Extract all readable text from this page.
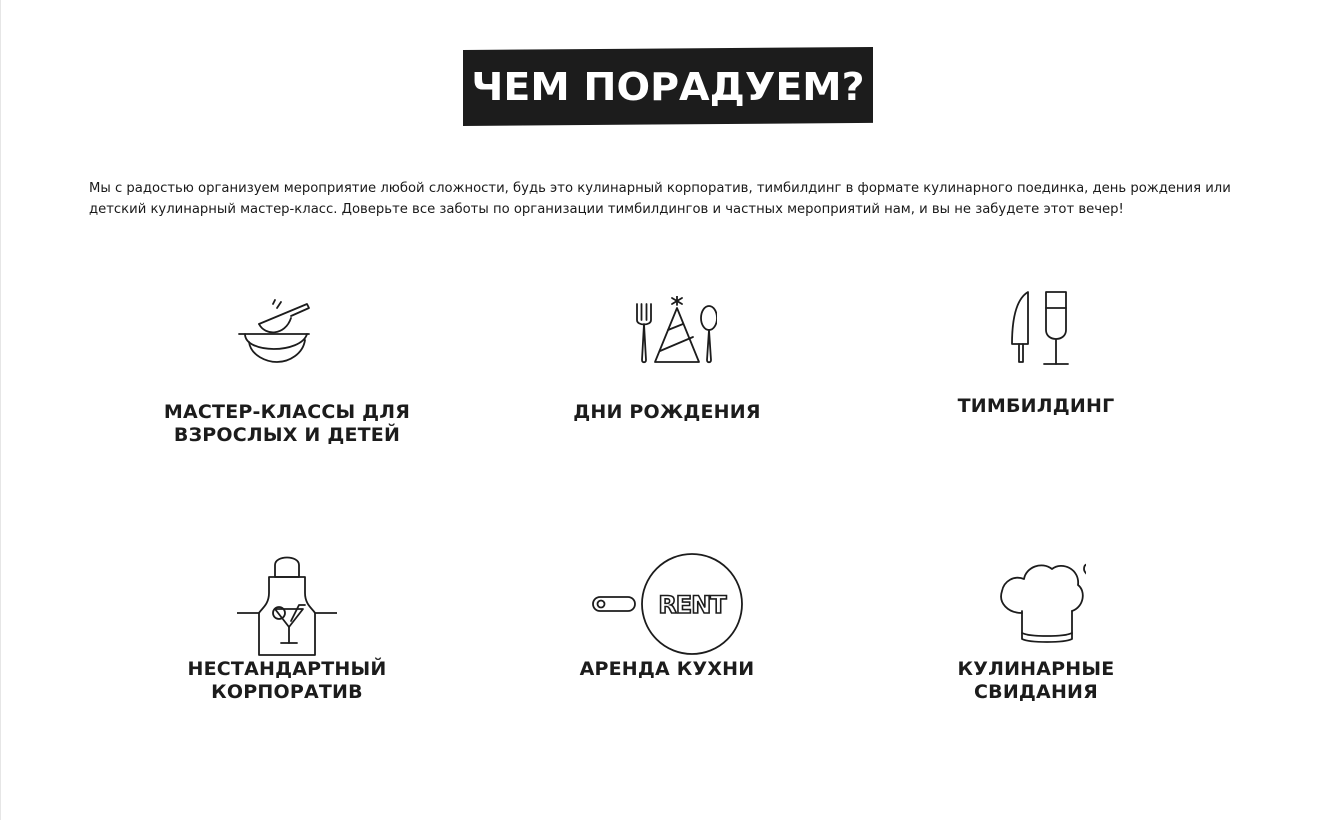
ЧЕМ ПОРАДУЕМ?

Мы с радостью организуем мероприятие любой сложности, будь это кулинарный корпоратив, тимбилдинг в формате кулинарного поединка, день рождения или детский кулинарный мастер-класс. Доверьте все заботы по организации тимбилдингов и частных мероприятий нам, и вы не забудете этот вечер!

МАСТЕР-КЛАССЫ ДЛЯ
ВЗРОСЛЫХ И ДЕТЕЙ

ДНИ РОЖДЕНИЯ	ТИМБИЛДИНГ

НЕСТАНДАРТНЫЙ
КОРПОРАТИВ

RENT

АРЕНДА КУХНИ	КУЛИНАРНЫЕ
СВИДАНИЯ
